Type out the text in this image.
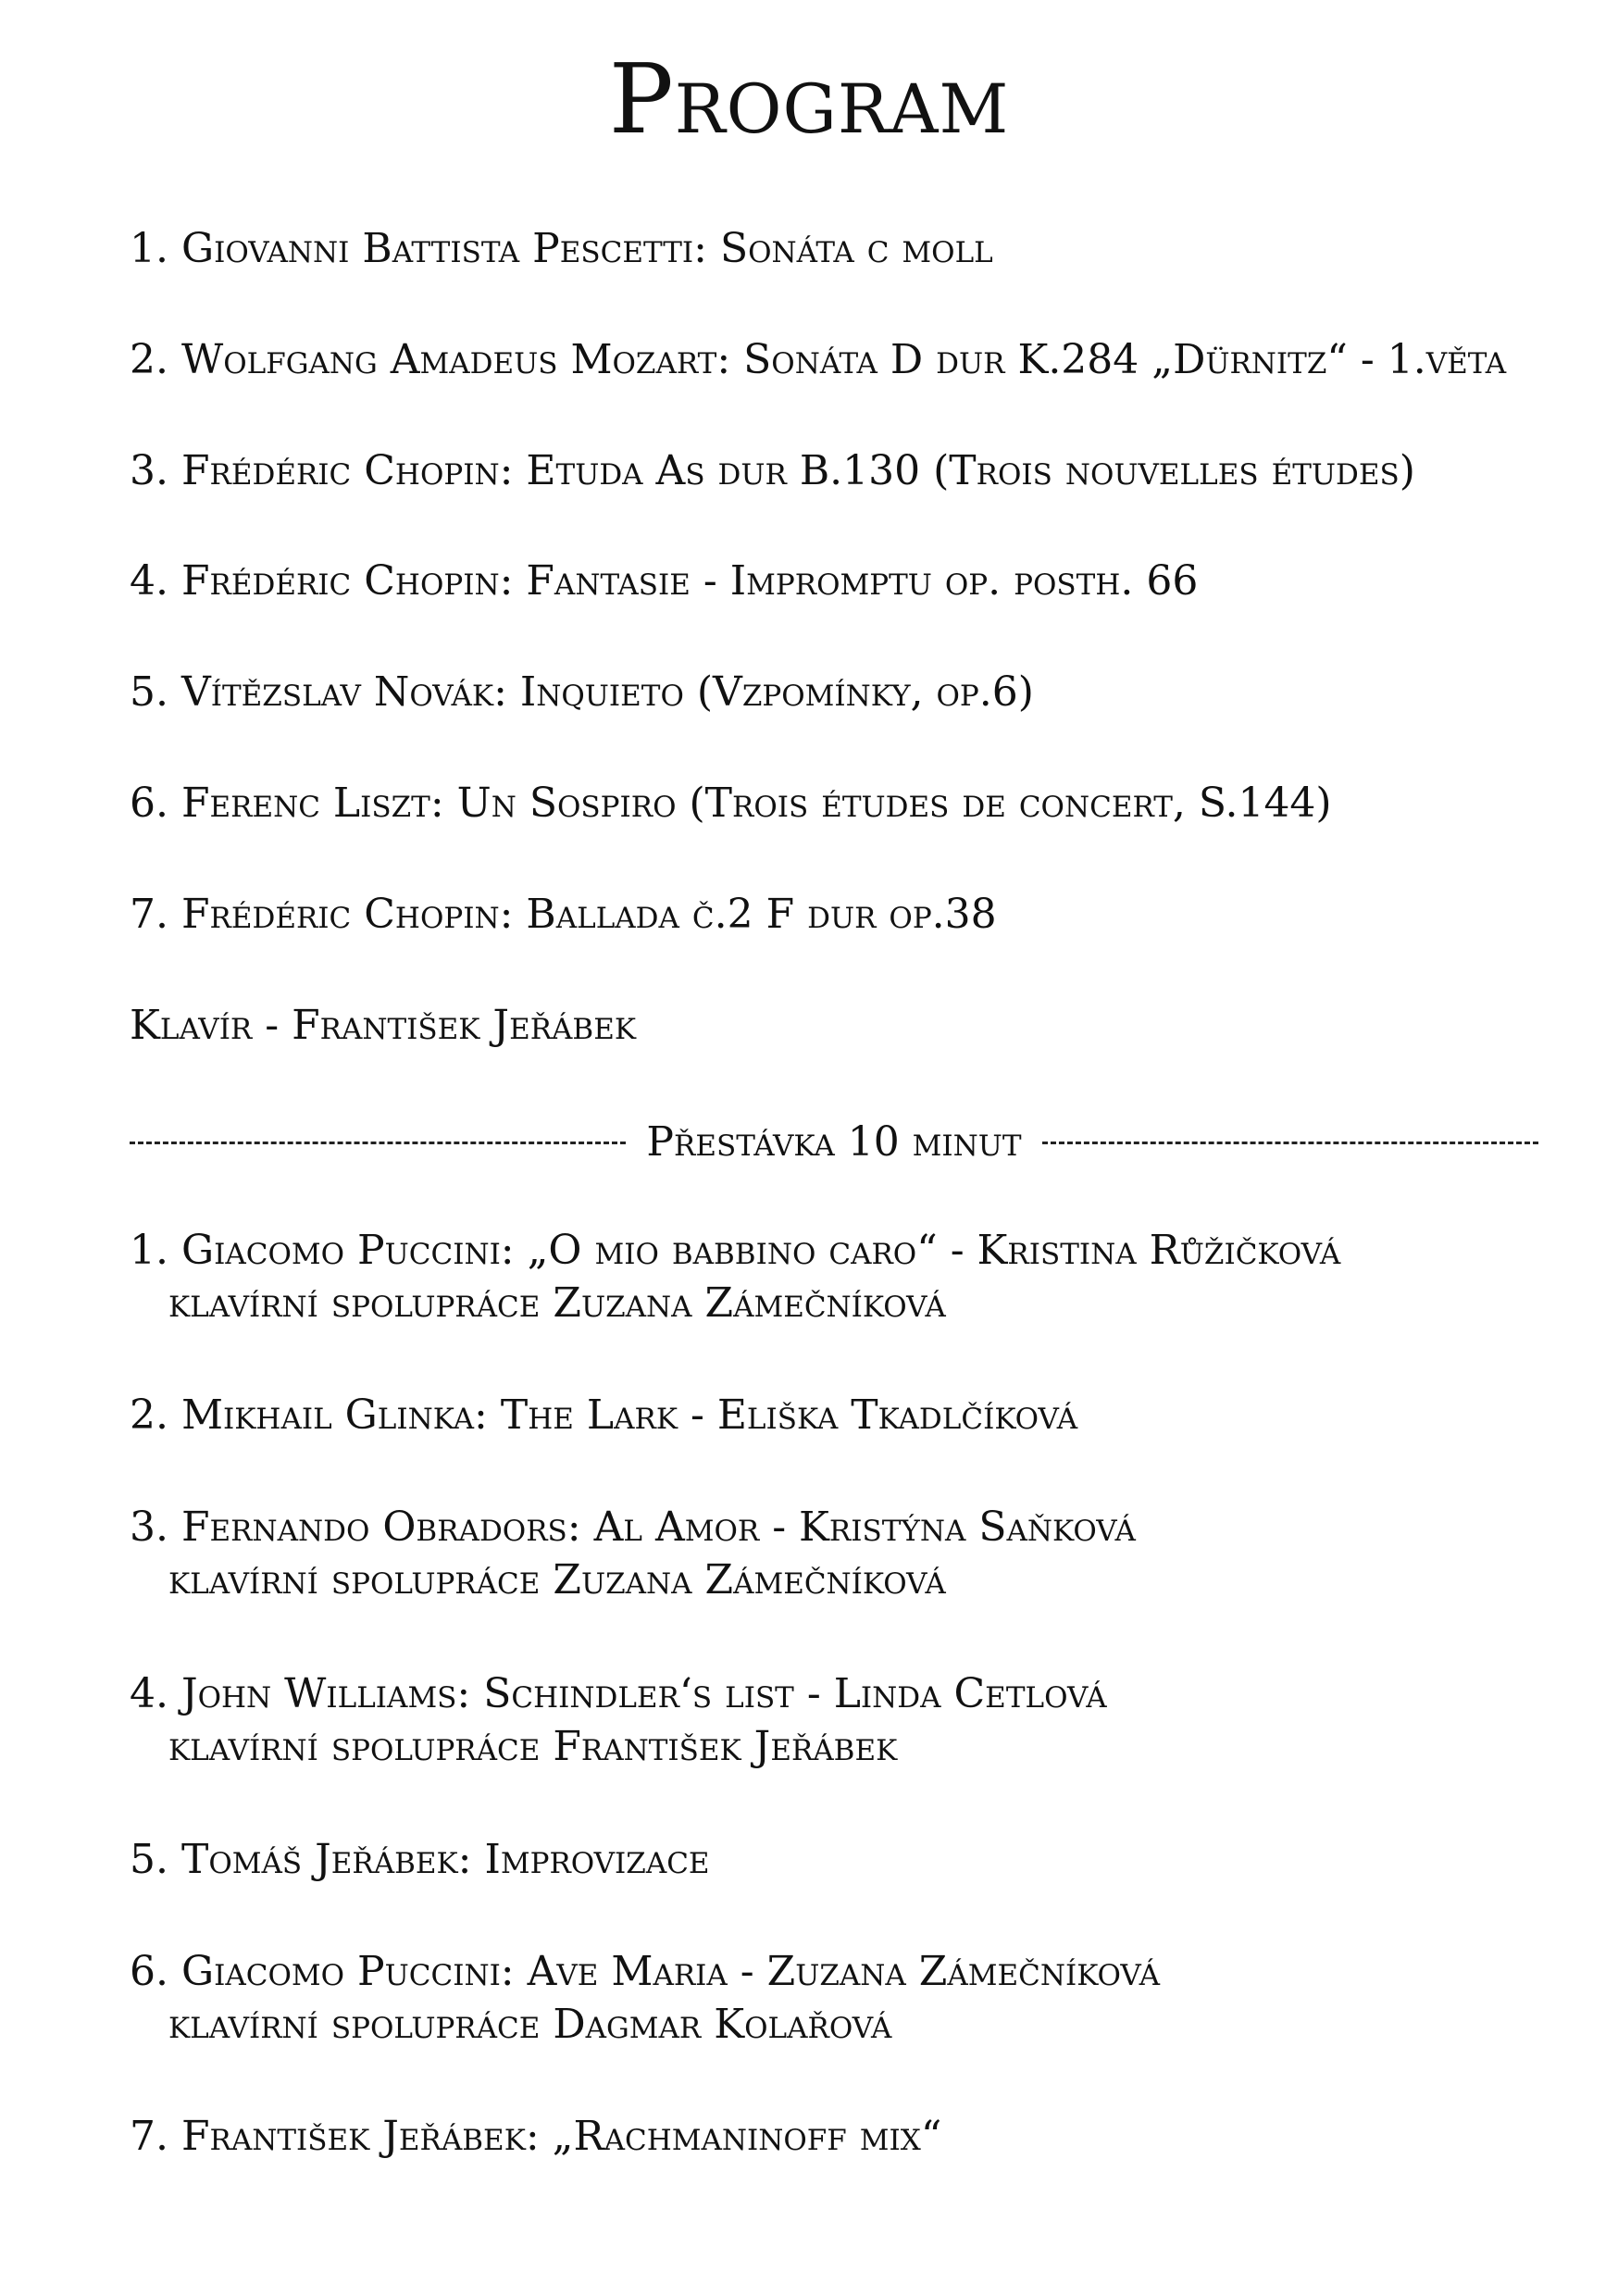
Program
1. Giovanni Battista Pescetti: Sonáta c moll
2. Wolfgang Amadeus Mozart: Sonáta D dur K.284 „Dürnitz“ - 1.věta
3. Frédéric Chopin: Etuda As dur B.130 (Trois nouvelles études)
4. Frédéric Chopin: Fantasie - Impromptu op. posth. 66
5. Vítězslav Novák: Inquieto (Vzpomínky, op.6)
6. Ferenc Liszt: Un Sospiro (Trois études de concert, S.144)
7. Frédéric Chopin: Ballada č.2 F dur op.38
Klavír - František Jeřábek
Přestávka 10 minut
1. Giacomo Puccini: „O mio babbino caro“ - Kristina Růžičková
klavírní spolupráce Zuzana Zámečníková
2. Mikhail Glinka: The Lark - Eliška Tkadlčíková
3. Fernando Obradors: Al Amor - Kristýna Saňková
klavírní spolupráce Zuzana Zámečníková
4. John Williams: Schindler‘s list - Linda Cetlová
klavírní spolupráce František Jeřábek
5. Tomáš Jeřábek: Improvizace
6. Giacomo Puccini: Ave Maria - Zuzana Zámečníková
klavírní spolupráce Dagmar Kolařová
7. František Jeřábek: „Rachmaninoff mix“
